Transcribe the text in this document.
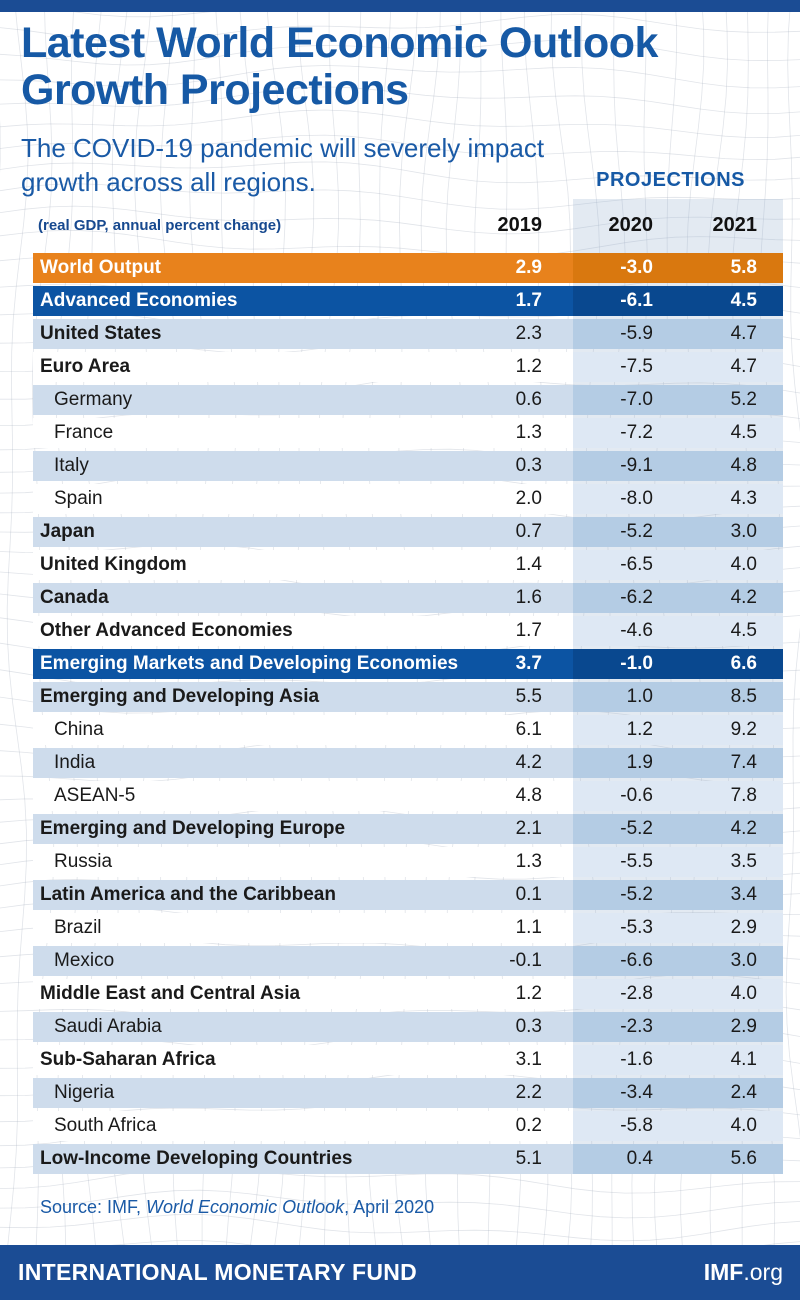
Latest World Economic Outlook
Growth Projections
The COVID-19 pandemic will severely impact
growth across all regions.	PROJECTIONS
(real GDP, annual percent change)	2019	2020	2021
World Output	2.9	-3.0	5.8
Advanced Economies	1.7	-6.1	4.5
United States	2.3	-5.9	4.7
Euro Area	1.2	-7.5	4.7
Germany	0.6	-7.0	5.2
France	1.3	-7.2	4.5
Italy	0.3	-9.1	4.8
Spain	2.0	-8.0	4.3
Japan	0.7	-5.2	3.0
United Kingdom	1.4	-6.5	4.0
Canada	1.6	-6.2	4.2
Other Advanced Economies	1.7	-4.6	4.5
Emerging Markets and Developing Economies	3.7	-1.0	6.6
Emerging and Developing Asia	5.5	1.0	8.5
China	6.1	1.2	9.2
India	4.2	1.9	7.4
ASEAN-5	4.8	-0.6	7.8
Emerging and Developing Europe	2.1	-5.2	4.2
Russia	1.3	-5.5	3.5
Latin America and the Caribbean	0.1	-5.2	3.4
Brazil	1.1	-5.3	2.9
Mexico	-0.1	-6.6	3.0
Middle East and Central Asia	1.2	-2.8	4.0
Saudi Arabia	0.3	-2.3	2.9
Sub-Saharan Africa	3.1	-1.6	4.1
Nigeria	2.2	-3.4	2.4
South Africa	0.2	-5.8	4.0
Low-Income Developing Countries	5.1	0.4	5.6
Source: IMF, World Economic Outlook, April 2020
INTERNATIONAL MONETARY FUND	IMF.org
